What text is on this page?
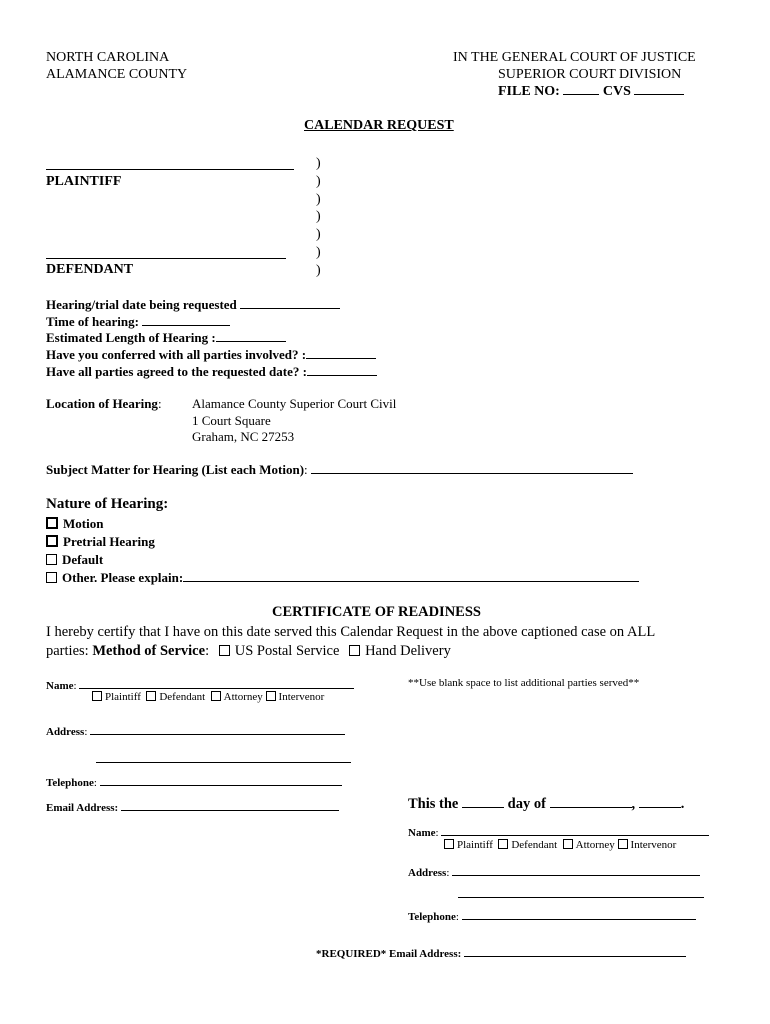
NORTH CAROLINA
ALAMANCE COUNTY
IN THE GENERAL COURT OF JUSTICE
SUPERIOR COURT DIVISION
FILE NO:	CVS
CALENDAR REQUEST
PLAINTIFF
DEFENDANT
)
)
)
)
)
)
)
Hearing/trial date being requested
Time of hearing:
Estimated Length of Hearing :
Have you conferred with all parties involved? :
Have all parties agreed to the requested date? :
Location of Hearing: Alamance County Superior Court Civil
1 Court Square
Graham, NC 27253
Subject Matter for Hearing (List each Motion):
Nature of Hearing:
Motion
Pretrial Hearing
Default
Other. Please explain:
CERTIFICATE OF READINESS
I hereby certify that I have on this date served this Calendar Request in the above captioned case on ALL
parties: Method of Service: US Postal Service Hand Delivery
Name:
Plaintiff Defendant Attorney Intervenor
**Use blank space to list additional parties served**
Address:
Telephone:
Email Address:	This the	day of	,	.
Name:
Plaintiff Defendant Attorney Intervenor
Address:
Telephone:
*REQUIRED* Email Address:
